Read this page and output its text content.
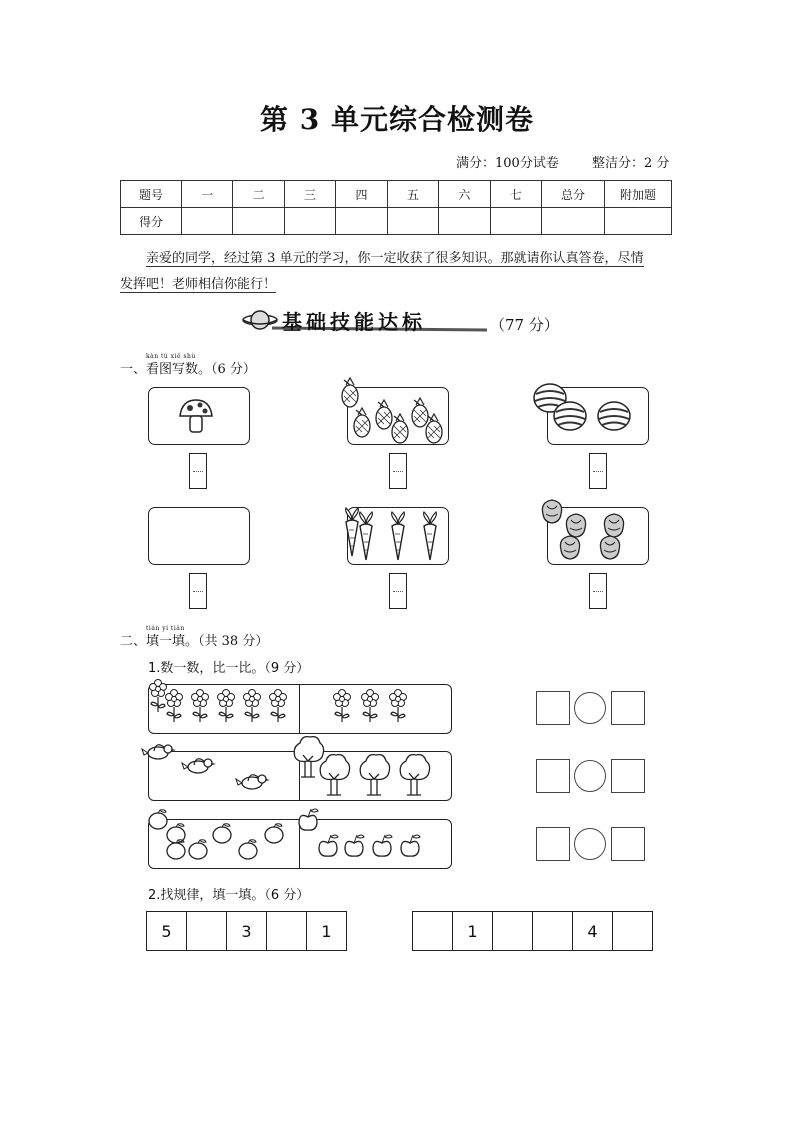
第 3 单元综合检测卷
满分：100分试卷	整洁分：2 分
题号	一	二	三	四	五	六	七	总分	附加题
得分									
亲爱的同学，经过第 3 单元的学习，你一定收获了很多知识。那就请你认真答卷，尽情
发挥吧！老师相信你能行！
基础技能达标	（77 分）
一、
kàn tú xiě shù
看图写数。（6 分）
二、
tián yi tián
填一填。（共 38 分）
1.数一数，比一比。（9 分）
2.找规律，填一填。（6 分）
5	3	1	1	4
